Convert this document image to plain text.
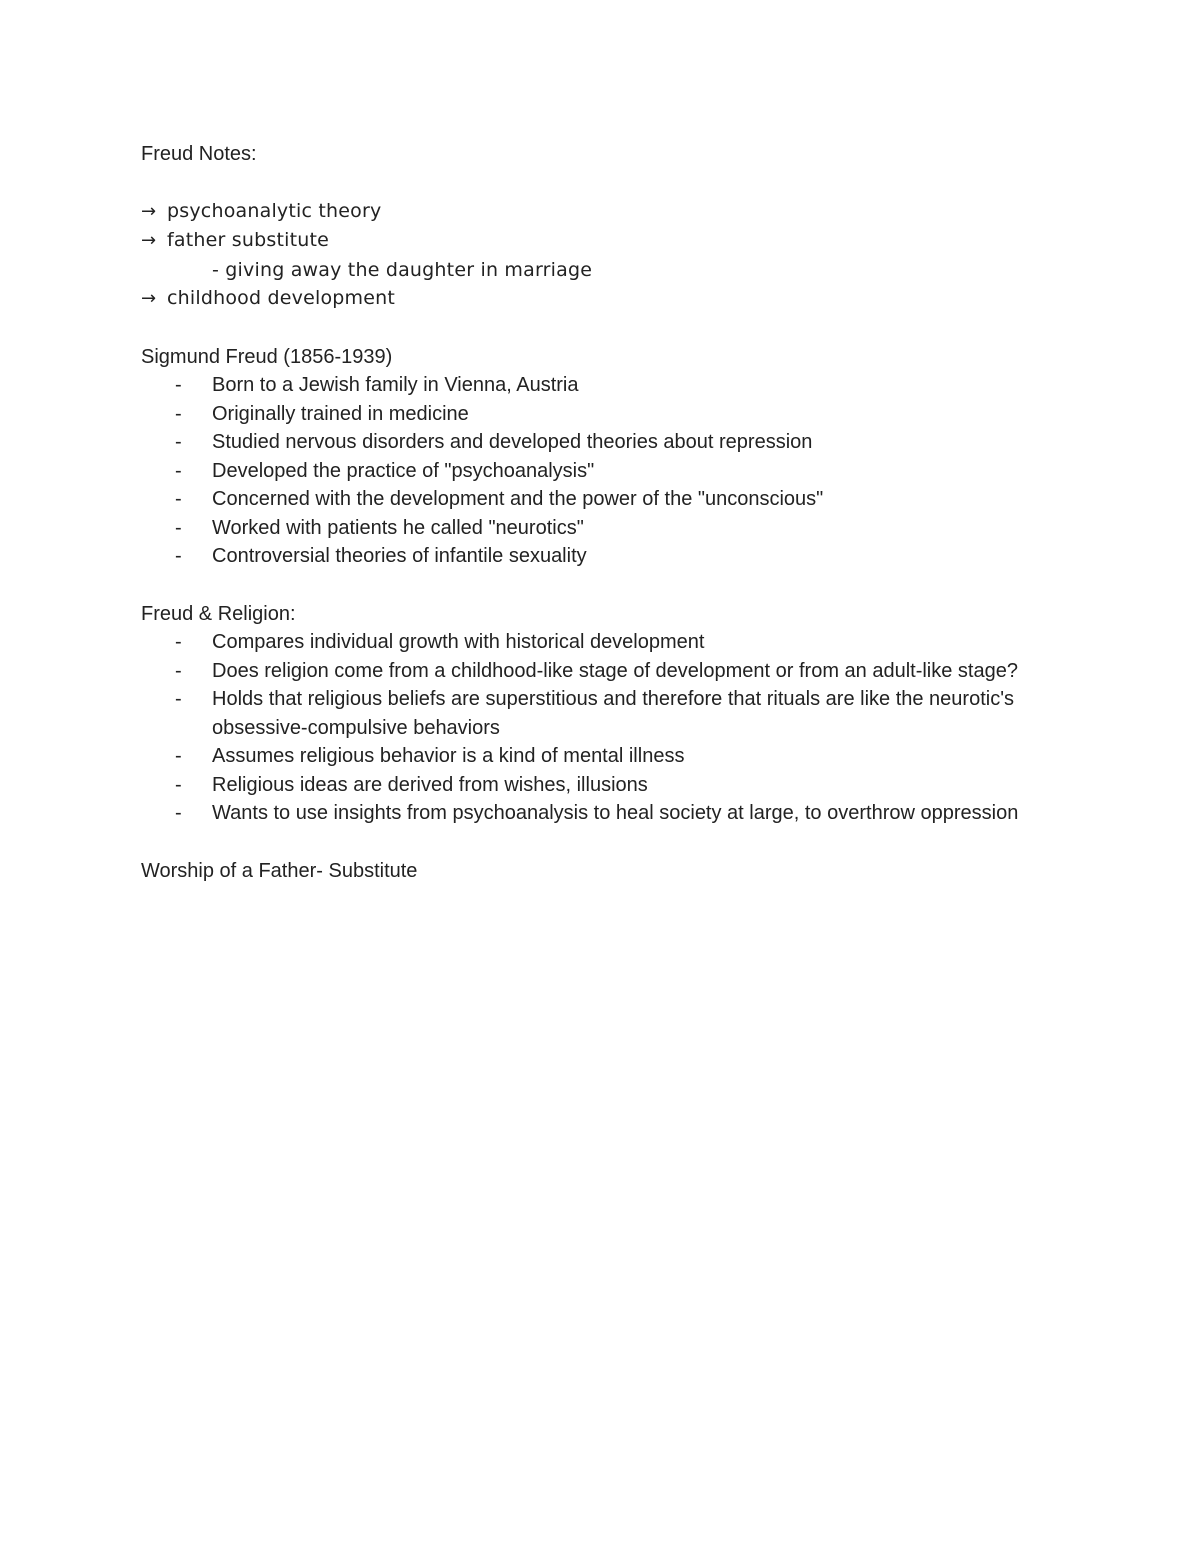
Freud Notes:

→ psychoanalytic theory
→ father substitute
- giving away the daughter in marriage
→ childhood development

Sigmund Freud (1856-1939)

- Born to a Jewish family in Vienna, Austria
- Originally trained in medicine
- Studied nervous disorders and developed theories about repression
- Developed the practice of "psychoanalysis"
- Concerned with the development and the power of the "unconscious"
- Worked with patients he called "neurotics"
- Controversial theories of infantile sexuality

Freud & Religion:

- Compares individual growth with historical development
- Does religion come from a childhood-like stage of development or from an adult-like stage?
- Holds that religious beliefs are superstitious and therefore that rituals are like the neurotic's obsessive-compulsive behaviors
- Assumes religious behavior is a kind of mental illness
- Religious ideas are derived from wishes, illusions
- Wants to use insights from psychoanalysis to heal society at large, to overthrow oppression

Worship of a Father- Substitute
